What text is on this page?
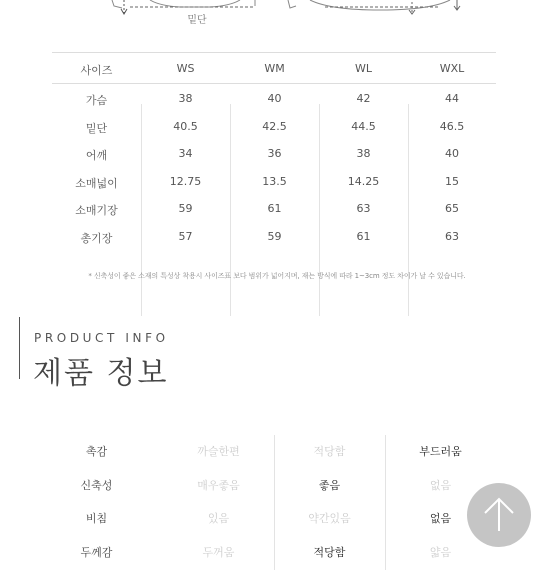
밑단
사이즈	WS	WM	WL	WXL
가슴	38	40	42	44
밑단	40.5	42.5	44.5	46.5
어깨	34	36	38	40
소매넓이	12.75	13.5	14.25	15
소매기장	59	61	63	65
총기장	57	59	61	63
* 신축성이 좋은 소재의 특성상 착용시 사이즈표 보다 범위가 넓어지며, 재는 방식에 따라 1~3cm 정도 차이가 날 수 있습니다.
PRODUCT INFO
제품 정보
촉감	까슬한편	적당함	부드러움
신축성	매우좋음	좋음	없음
비침	있음	약간있음	없음
두께감	두꺼움	적당함	얇음
